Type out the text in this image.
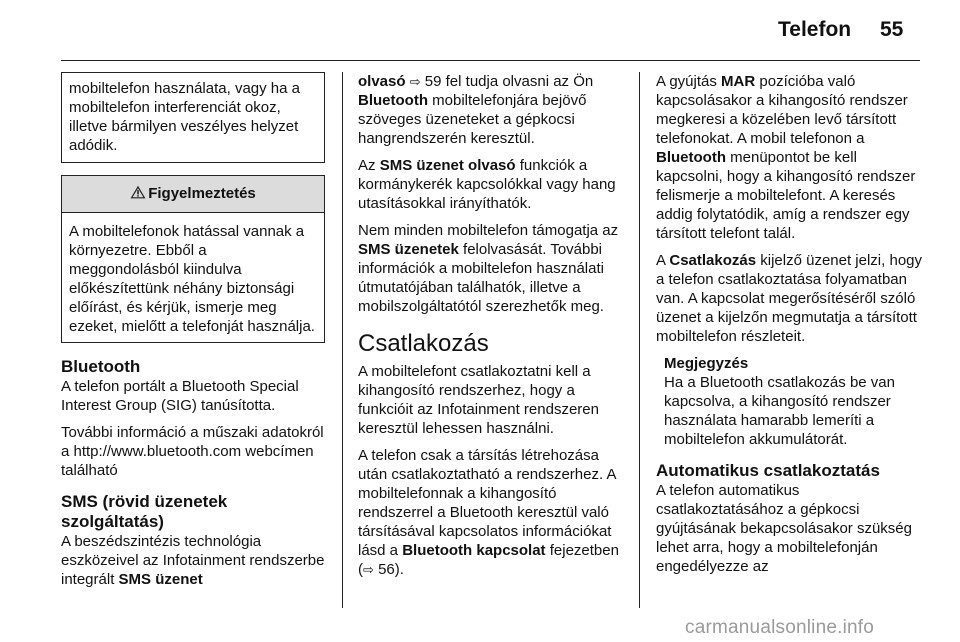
Telefon 55
mobiltelefon használata, vagy ha a mobiltelefon interferenciát okoz, illetve bármilyen veszélyes helyzet adódik.
Figyelmeztetés
A mobiltelefonok hatással vannak a környezetre. Ebből a meggondolásból kiindulva előkészítettünk néhány biztonsági előírást, és kérjük, ismerje meg ezeket, mielőtt a telefonját használja.
Bluetooth

A telefon portált a Bluetooth Special Interest Group (SIG) tanúsította.

További információ a műszaki adatokról a http://www.bluetooth.com webcímen található

SMS (rövid üzenetek szolgáltatás)

A beszédszintézis technológia eszközeivel az Infotainment rendszerbe integrált SMS üzenet

olvasó ⇨ 59 fel tudja olvasni az Ön Bluetooth mobiltelefonjára bejövő szöveges üzeneteket a gépkocsi hangrendszerén keresztül.

Az SMS üzenet olvasó funkciók a kormánykerék kapcsolókkal vagy hang utasításokkal irányíthatók.

Nem minden mobiltelefon támogatja az SMS üzenetek felolvasását. További információk a mobiltelefon használati útmutatójában találhatók, illetve a mobilszolgáltatótól szerezhetők meg.

Csatlakozás

A mobiltelefont csatlakoztatni kell a kihangosító rendszerhez, hogy a funkcióit az Infotainment rendszeren keresztül lehessen használni.

A telefon csak a társítás létrehozása után csatlakoztatható a rendszerhez. A mobiltelefonnak a kihangosító rendszerrel a Bluetooth keresztül való társításával kapcsolatos információkat lásd a Bluetooth kapcsolat fejezetben (⇨ 56).

A gyújtás MAR pozícióba való kapcsolásakor a kihangosító rendszer megkeresi a közelében levő társított telefonokat. A mobil telefonon a Bluetooth menüpontot be kell kapcsolni, hogy a kihangosító rendszer felismerje a mobiltelefont. A keresés addig folytatódik, amíg a rendszer egy társított telefont talál.

A Csatlakozás kijelző üzenet jelzi, hogy a telefon csatlakoztatása folyamatban van. A kapcsolat megerősítéséről szóló üzenet a kijelzőn megmutatja a társított mobiltelefon részleteit.

Megjegyzés
Ha a Bluetooth csatlakozás be van kapcsolva, a kihangosító rendszer használata hamarabb lemeríti a mobiltelefon akkumulátorát.
Automatikus csatlakoztatás

A telefon automatikus csatlakoztatásához a gépkocsi gyújtásának bekapcsolásakor szükség lehet arra, hogy a mobiltelefonján engedélyezze az

carmanualsonline.info
